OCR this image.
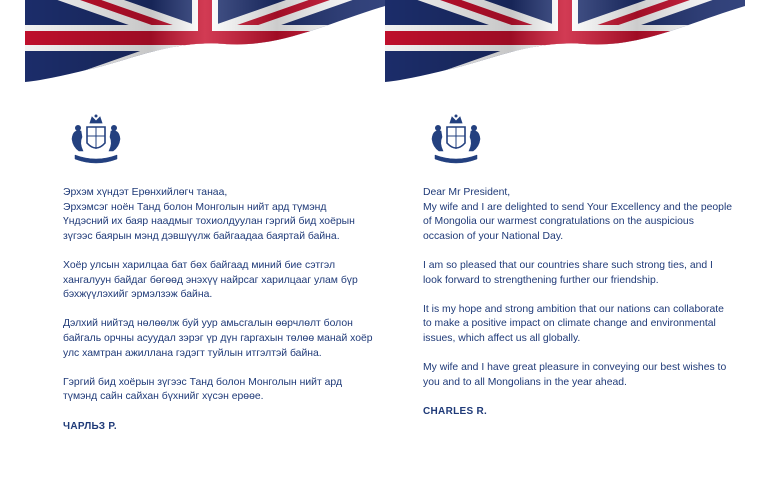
Эрхэм хүндэт Ерөнхийлөгч танаа,

Эрхэмсэг ноён Танд болон Монголын нийт ард түмэнд Үндэсний их баяр наадмыг тохиолдуулан гэргий бид хоёрын зүгээс баярын мэнд дэвшүүлж байгаадаа баяртай байна.

Хоёр улсын харилцаа бат бөх байгаад миний бие сэтгэл хангалуун байдаг бөгөөд энэхүү найрсаг харилцааг улам бүр бэхжүүлэхийг эрмэлзэж байна.

Дэлхий нийтэд нөлөөлж буй уур амьсгалын өөрчлөлт болон байгаль орчны асуудал зэрэг үр дүн гаргахын төлөө манай хоёр улс хамтран ажиллана гэдэгт туйлын итгэлтэй байна.

Гэргий бид хоёрын зүгээс Танд болон Монголын нийт ард түмэнд сайн сайхан бүхнийг хүсэн ерөөе.

ЧАРЛЬЗ Р.
Dear Mr President,

My wife and I are delighted to send Your Excellency and the people of Mongolia our warmest congratulations on the auspicious occasion of your National Day.

I am so pleased that our countries share such strong ties, and I look forward to strengthening further our friendship.

It is my hope and strong ambition that our nations can collaborate to make a positive impact on climate change and environmental issues, which affect us all globally.

My wife and I have great pleasure in conveying our best wishes to you and to all Mongolians in the year ahead.

CHARLES R.
